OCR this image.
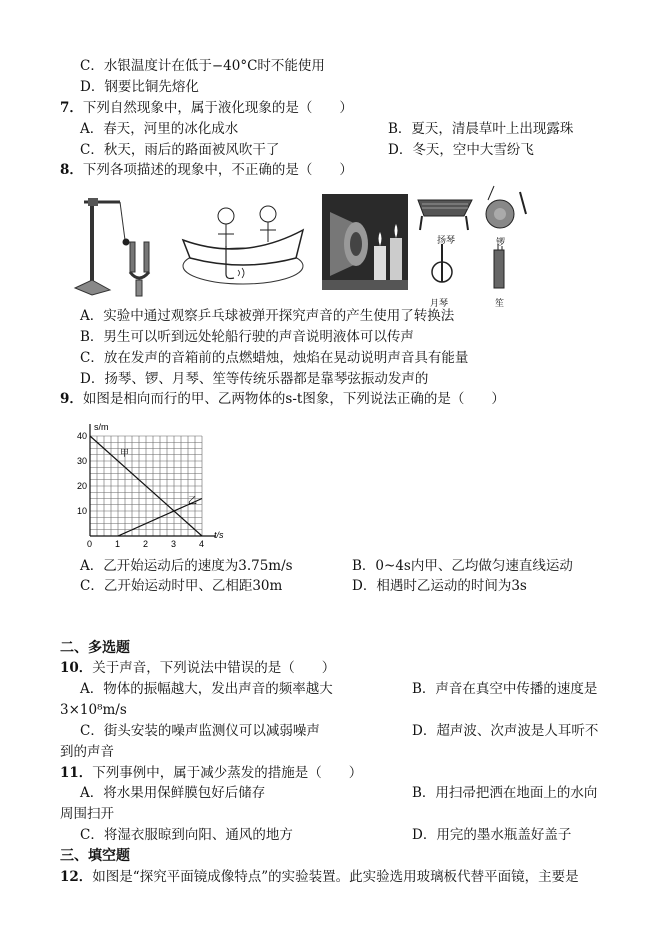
C．水银温度计在低于−40°C时不能使用
D．钢要比铜先熔化
7．下列自然现象中，属于液化现象的是（　　）
A．春天，河里的冰化成水	B．夏天，清晨草叶上出现露珠
C．秋天，雨后的路面被风吹干了	D．冬天，空中大雪纷飞
8．下列各项描述的现象中，不正确的是（　　）
扬琴	锣
月琴	笙
A．实验中通过观察乒乓球被弹开探究声音的产生使用了转换法
B．男生可以听到远处轮船行驶的声音说明液体可以传声
C．放在发声的音箱前的点燃蜡烛，烛焰在晃动说明声音具有能量
D．扬琴、锣、月琴、笙等传统乐器都是靠琴弦振动发声的
9．如图是相向而行的甲、乙两物体的s-t图象，下列说法正确的是（　　）
s/m
t/s
0	1	2	3	4
10
20
30
40
甲
乙
A．乙开始运动后的速度为3.75m/s	B．0~4s内甲、乙均做匀速直线运动
C．乙开始运动时甲、乙相距30m	D．相遇时乙运动的时间为3s
二、多选题
10．关于声音，下列说法中错误的是（　　）
A．物体的振幅越大，发出声音的频率越大	B．声音在真空中传播的速度是
3×10⁸m/s
C．街头安装的噪声监测仪可以减弱噪声	D．超声波、次声波是人耳听不
到的声音
11．下列事例中，属于减少蒸发的措施是（　　）
A．将水果用保鲜膜包好后储存	B．用扫帚把洒在地面上的水向
周围扫开
C．将湿衣服晾到向阳、通风的地方	D．用完的墨水瓶盖好盖子
三、填空题
12．如图是“探究平面镜成像特点”的实验装置。此实验选用玻璃板代替平面镜，主要是
